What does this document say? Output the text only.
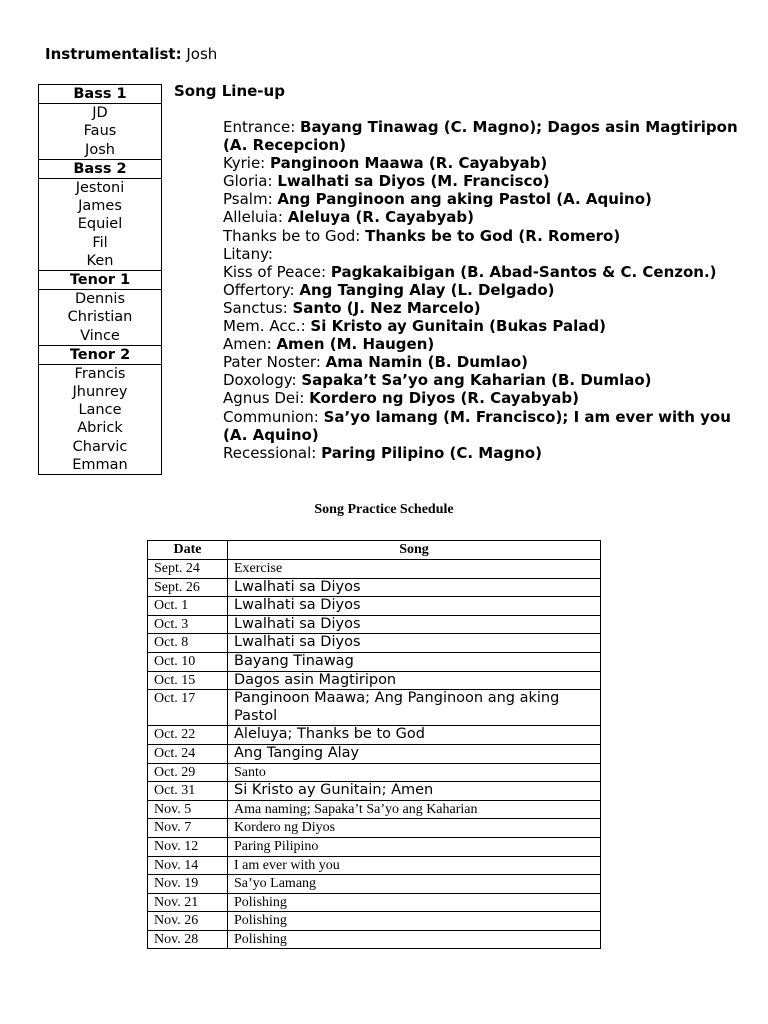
Instrumentalist: Josh
Bass 1
JD
Faus
Josh
Bass 2
Jestoni
James
Equiel
Fil
Ken
Tenor 1
Dennis
Christian
Vince
Tenor 2
Francis
Jhunrey
Lance
Abrick
Charvic
Emman
Song Line-up
Entrance: Bayang Tinawag (C. Magno); Dagos asin Magtiripon (A. Recepcion)
Kyrie: Panginoon Maawa (R. Cayabyab)
Gloria: Lwalhati sa Diyos (M. Francisco)
Psalm: Ang Panginoon ang aking Pastol (A. Aquino)
Alleluia: Aleluya (R. Cayabyab)
Thanks be to God: Thanks be to God (R. Romero)
Litany:
Kiss of Peace: Pagkakaibigan (B. Abad-Santos & C. Cenzon.)
Offertory: Ang Tanging Alay (L. Delgado)
Sanctus: Santo (J. Nez Marcelo)
Mem. Acc.: Si Kristo ay Gunitain (Bukas Palad)
Amen: Amen (M. Haugen)
Pater Noster: Ama Namin (B. Dumlao)
Doxology: Sapaka’t Sa’yo ang Kaharian (B. Dumlao)
Agnus Dei: Kordero ng Diyos (R. Cayabyab)
Communion: Sa’yo lamang (M. Francisco); I am ever with you (A. Aquino)
Recessional: Paring Pilipino (C. Magno)
Song Practice Schedule
Date	Song
Sept. 24	Exercise
Sept. 26	Lwalhati sa Diyos
Oct. 1	Lwalhati sa Diyos
Oct. 3	Lwalhati sa Diyos
Oct. 8	Lwalhati sa Diyos
Oct. 10	Bayang Tinawag
Oct. 15	Dagos asin Magtiripon
Oct. 17	Panginoon Maawa; Ang Panginoon ang aking Pastol
Oct. 22	Aleluya; Thanks be to God
Oct. 24	Ang Tanging Alay
Oct. 29	Santo
Oct. 31	Si Kristo ay Gunitain; Amen
Nov. 5	Ama naming; Sapaka’t Sa’yo ang Kaharian
Nov. 7	Kordero ng Diyos
Nov. 12	Paring Pilipino
Nov. 14	I am ever with you
Nov. 19	Sa’yo Lamang
Nov. 21	Polishing
Nov. 26	Polishing
Nov. 28	Polishing
